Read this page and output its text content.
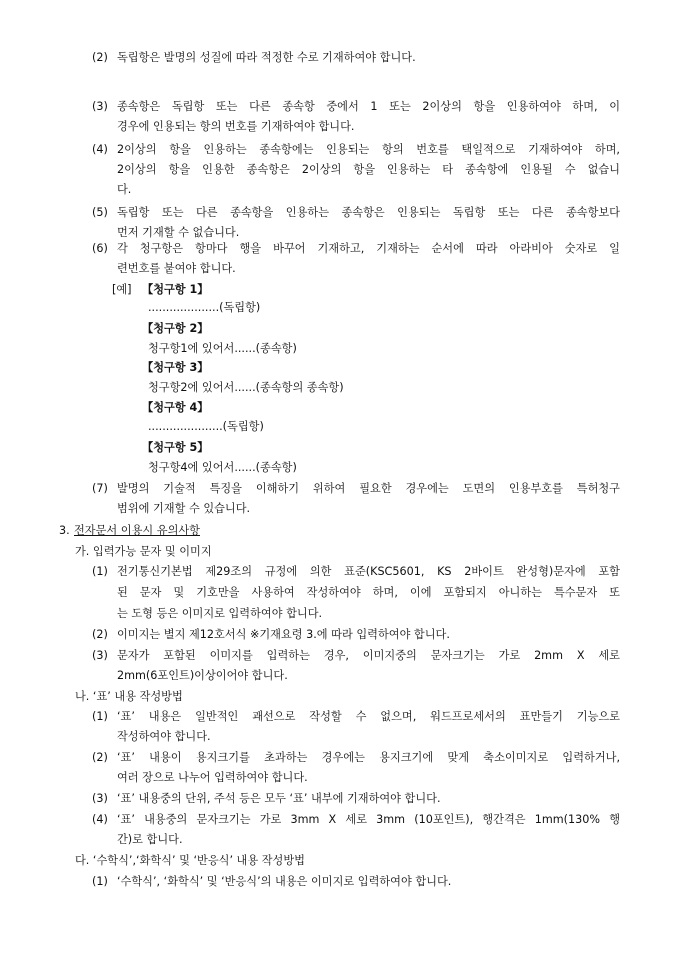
(2) 독립항은 발명의 성질에 따라 적정한 수로 기재하여야 합니다.
(3) 종속항은 독립항 또는 다른 종속항 중에서 1 또는 2이상의 항을 인용하여야 하며, 이
경우에 인용되는 항의 번호를 기재하여야 합니다.
(4) 2이상의 항을 인용하는 종속항에는 인용되는 항의 번호를 택일적으로 기재하여야 하며,
2이상의 항을 인용한 종속항은 2이상의 항을 인용하는 타 종속항에 인용될 수 없습니
다.
(5) 독립항 또는 다른 종속항을 인용하는 종속항은 인용되는 독립항 또는 다른 종속항보다
먼저 기재할 수 없습니다.
(6) 각 청구항은 항마다 행을 바꾸어 기재하고, 기재하는 순서에 따라 아라비아 숫자로 일
련번호를 붙여야 합니다.
[예] 【청구항 1】
....................(독립항)
【청구항 2】
청구항1에 있어서......(종속항)
【청구항 3】
청구항2에 있어서......(종속항의 종속항)
【청구항 4】
.....................(독립항)
【청구항 5】
청구항4에 있어서......(종속항)
(7) 발명의 기술적 특징을 이해하기 위하여 필요한 경우에는 도면의 인용부호를 특허청구
범위에 기재할 수 있습니다.
3. 전자문서 이용시 유의사항
가. 입력가능 문자 및 이미지
(1) 전기통신기본법 제29조의 규정에 의한 표준(KSC5601, KS 2바이트 완성형)문자에 포함
된 문자 및 기호만을 사용하여 작성하여야 하며, 이에 포함되지 아니하는 특수문자 또
는 도형 등은 이미지로 입력하여야 합니다.
(2) 이미지는 별지 제12호서식 ※기재요령 3.에 따라 입력하여야 합니다.
(3) 문자가 포함된 이미지를 입력하는 경우, 이미지중의 문자크기는 가로 2mm X 세로
2mm(6포인트)이상이어야 합니다.
나. ‘표’ 내용 작성방법
(1) ‘표’ 내용은 일반적인 괘선으로 작성할 수 없으며, 워드프로세서의 표만들기 기능으로
작성하여야 합니다.
(2) ‘표’ 내용이 용지크기를 초과하는 경우에는 용지크기에 맞게 축소이미지로 입력하거나,
여러 장으로 나누어 입력하여야 합니다.
(3) ‘표’ 내용중의 단위, 주석 등은 모두 ‘표’ 내부에 기재하여야 합니다.
(4) ‘표’ 내용중의 문자크기는 가로 3mm X 세로 3mm (10포인트), 행간격은 1mm(130% 행
간)로 합니다.
다. ‘수학식’,‘화학식’ 및 ‘반응식’ 내용 작성방법
(1) ‘수학식’, ‘화학식’ 및 ‘반응식’의 내용은 이미지로 입력하여야 합니다.
